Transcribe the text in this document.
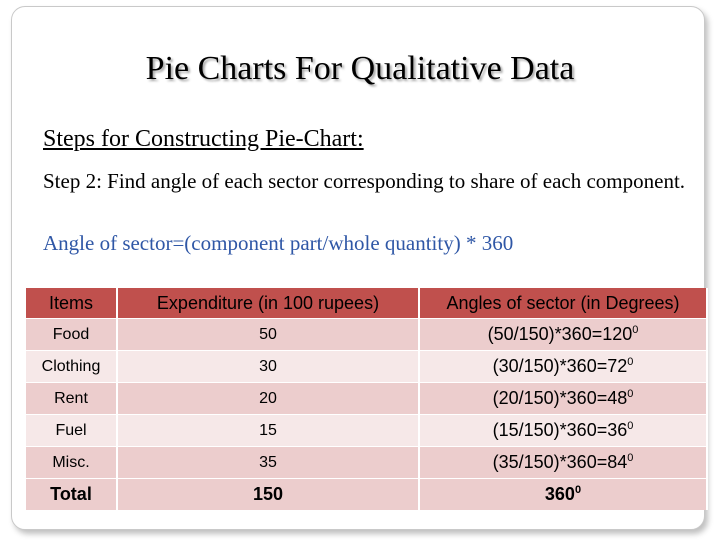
Pie Charts For Qualitative Data
Steps for Constructing Pie-Chart:
Step 2: Find angle of each sector corresponding to share of each component.
Angle of sector=(component part/whole quantity) * 360
Items	Expenditure (in 100 rupees)	Angles of sector (in Degrees)
Food	50	$(50/150)*360=120^0$
Clothing	30	$(30/150)*360=72^0$
Rent	20	$(20/150)*360=48^0$
Fuel	15	$(15/150)*360=36^0$
Misc.	35	$(35/150)*360=84^0$
Total	150	$360^0$
